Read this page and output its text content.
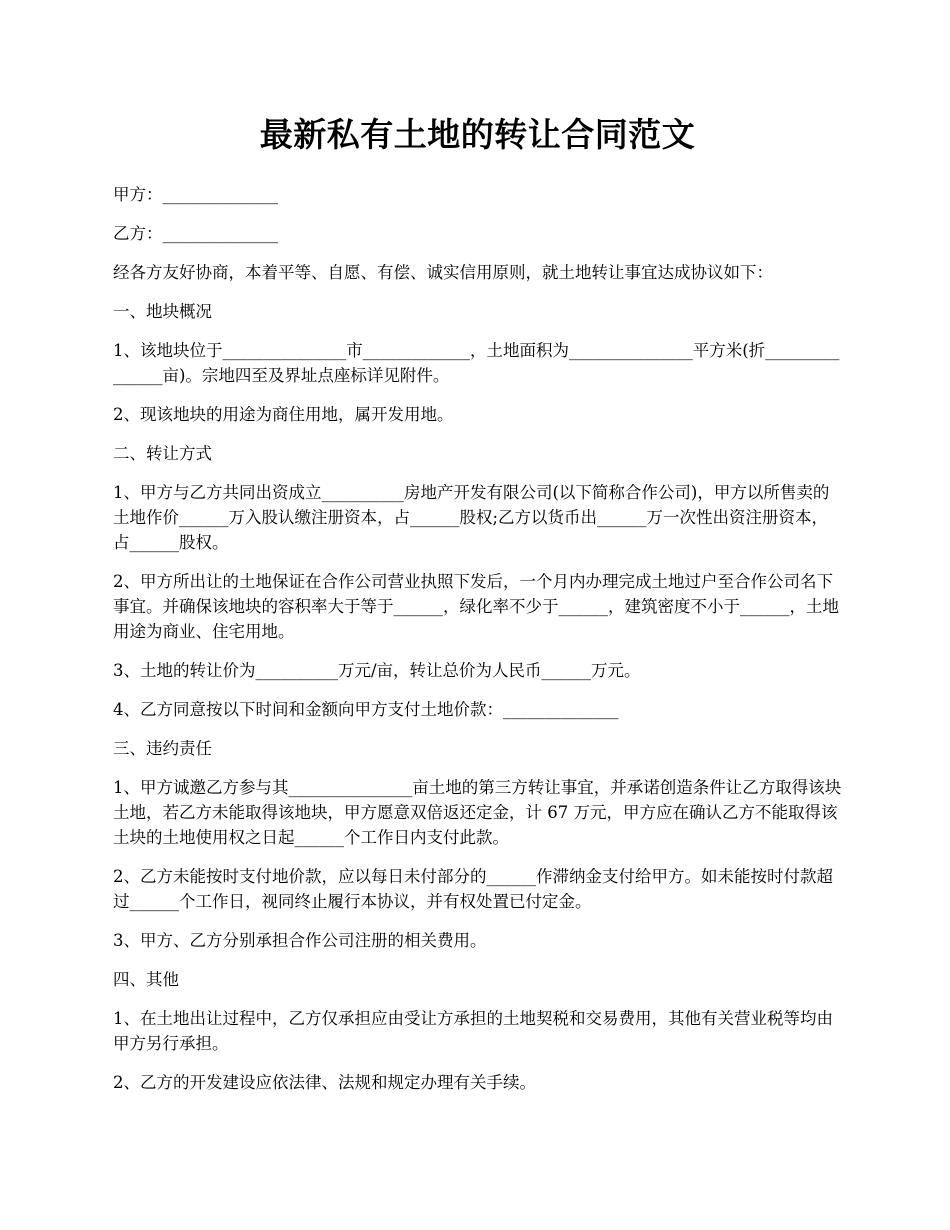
最新私有土地的转让合同范文

甲方：______________

乙方：______________

经各方友好协商，本着平等、自愿、有偿、诚实信用原则，就土地转让事宜达成协议如下：

一、地块概况

1、该地块位于_______________市_____________，土地面积为_______________平方米(折_______________亩)。宗地四至及界址点座标详见附件。

2、现该地块的用途为商住用地，属开发用地。

二、转让方式

1、甲方与乙方共同出资成立__________房地产开发有限公司(以下简称合作公司)，甲方以所售卖的土地作价______万入股认缴注册资本，占______股权;乙方以货币出______万一次性出资注册资本，占______股权。

2、甲方所出让的土地保证在合作公司营业执照下发后，一个月内办理完成土地过户至合作公司名下事宜。并确保该地块的容积率大于等于______，绿化率不少于______，建筑密度不小于______，土地用途为商业、住宅用地。

3、土地的转让价为__________万元/亩，转让总价为人民币______万元。

4、乙方同意按以下时间和金额向甲方支付土地价款：______________

三、违约责任

1、甲方诚邀乙方参与其_______________亩土地的第三方转让事宜，并承诺创造条件让乙方取得该块土地，若乙方未能取得该地块，甲方愿意双倍返还定金，计 67 万元，甲方应在确认乙方不能取得该土块的土地使用权之日起______个工作日内支付此款。

2、乙方未能按时支付地价款，应以每日未付部分的______作滞纳金支付给甲方。如未能按时付款超过______个工作日，视同终止履行本协议，并有权处置已付定金。

3、甲方、乙方分别承担合作公司注册的相关费用。

四、其他

1、在土地出让过程中，乙方仅承担应由受让方承担的土地契税和交易费用，其他有关营业税等均由甲方另行承担。

2、乙方的开发建设应依法律、法规和规定办理有关手续。
